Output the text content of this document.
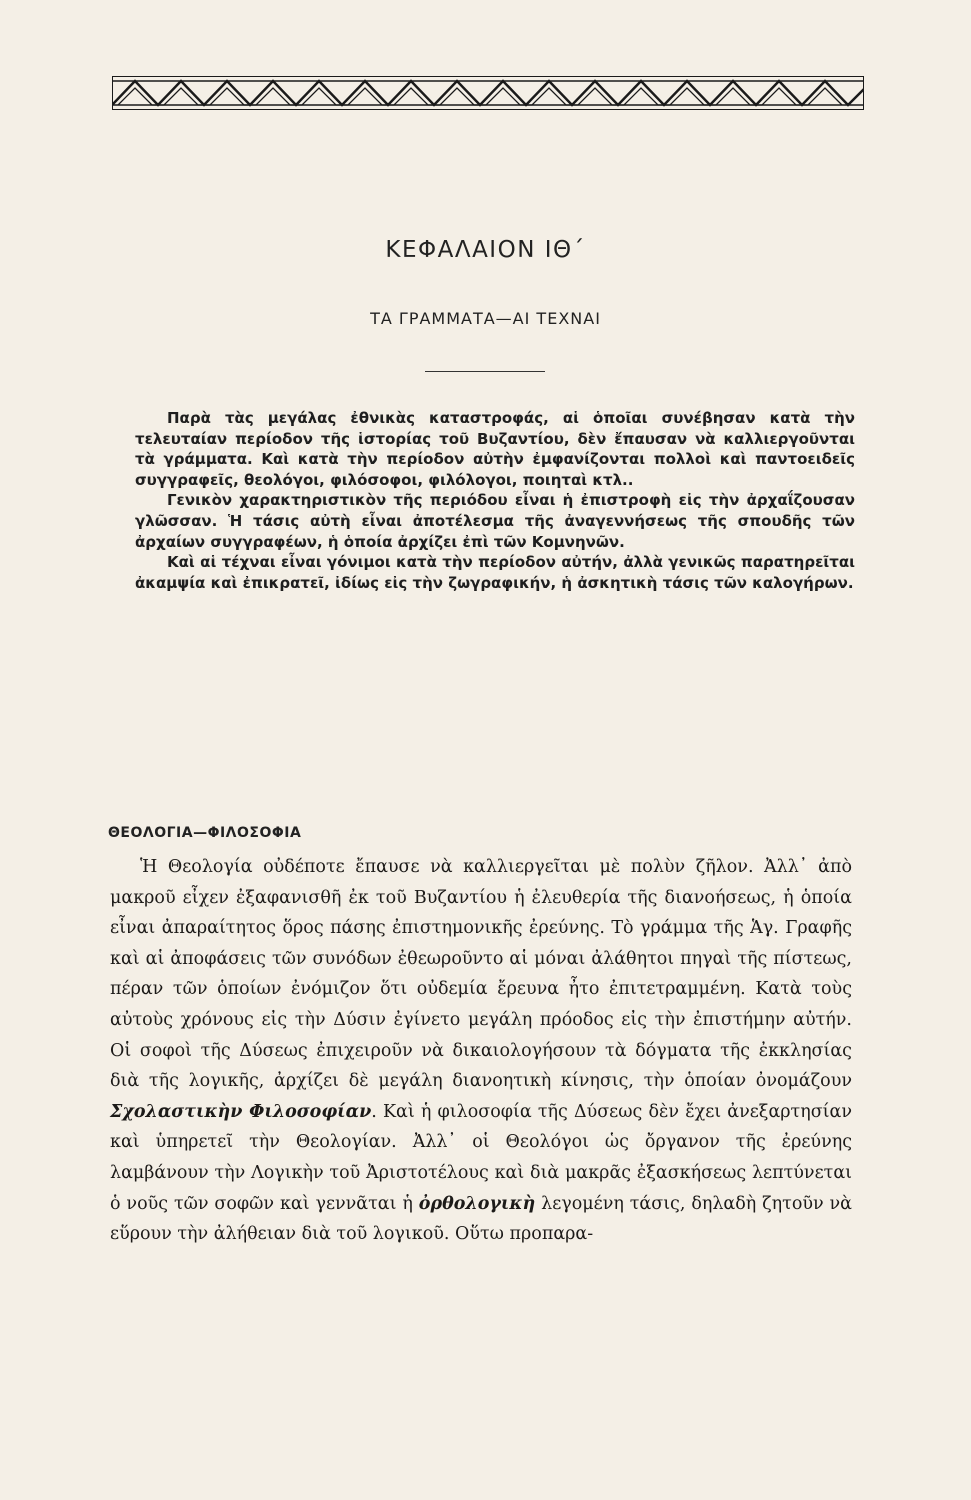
ΚΕΦΑΛΑΙΟΝ ΙΘ΄
ΤΑ ΓΡΑΜΜΑΤΑ—ΑΙ ΤΕΧΝΑΙ

Παρὰ τὰς μεγάλας ἐθνικὰς καταστροφάς, αἱ ὁποῖαι συνέβησαν κατὰ τὴν τελευταίαν περίοδον τῆς ἱστορίας τοῦ Βυζαντίου, δὲν ἔπαυσαν νὰ καλλιεργοῦνται τὰ γράμματα. Καὶ κατὰ τὴν περίοδον αὐτὴν ἐμφανίζονται πολλοὶ καὶ παντοειδεῖς συγγραφεῖς, θεολόγοι, φιλόσοφοι, φιλόλογοι, ποιηταὶ κτλ..

Γενικὸν χαρακτηριστικὸν τῆς περιόδου εἶναι ἡ ἐπιστροφὴ εἰς τὴν ἀρχαΐζουσαν γλῶσσαν. Ἡ τάσις αὐτὴ εἶναι ἀποτέλεσμα τῆς ἀναγεννήσεως τῆς σπουδῆς τῶν ἀρχαίων συγγραφέων, ἡ ὁποία ἀρχίζει ἐπὶ τῶν Κομνηνῶν.

Καὶ αἱ τέχναι εἶναι γόνιμοι κατὰ τὴν περίοδον αὐτήν, ἀλλὰ γενικῶς παρατηρεῖται ἀκαμψία καὶ ἐπικρατεῖ, ἰδίως εἰς τὴν ζωγραφικήν, ἡ ἀσκητικὴ τάσις τῶν καλογήρων.

ΘΕΟΛΟΓΙΑ—ΦΙΛΟΣΟΦΙΑ

Ἡ Θεολογία οὐδέποτε ἔπαυσε νὰ καλλιεργεῖται μὲ πολὺν ζῆλον. Ἀλλ᾽ ἀπὸ μακροῦ εἶχεν ἐξαφανισθῆ ἐκ τοῦ Βυζαντίου ἡ ἐλευθερία τῆς διανοήσεως, ἡ ὁποία εἶναι ἀπαραίτητος ὅρος πάσης ἐπιστημονικῆς ἐρεύνης. Τὸ γράμμα τῆς Ἁγ. Γραφῆς καὶ αἱ ἀποφάσεις τῶν συνόδων ἐθεωροῦντο αἱ μόναι ἀλάθητοι πηγαὶ τῆς πίστεως, πέραν τῶν ὁποίων ἐνόμιζον ὅτι οὐδεμία ἔρευνα ἦτο ἐπιτετραμμένη. Κατὰ τοὺς αὐτοὺς χρόνους εἰς τὴν Δύσιν ἐγίνετο μεγάλη πρόοδος εἰς τὴν ἐπιστήμην αὐτήν. Οἱ σοφοὶ τῆς Δύσεως ἐπιχειροῦν νὰ δικαιολογήσουν τὰ δόγματα τῆς ἐκκλησίας διὰ τῆς λογικῆς, ἀρχίζει δὲ μεγάλη διανοητικὴ κίνησις, τὴν ὁποίαν ὀνομάζουν Σχολαστικὴν Φιλοσοφίαν. Καὶ ἡ φιλοσοφία τῆς Δύσεως δὲν ἔχει ἀνεξαρτησίαν καὶ ὑπηρετεῖ τὴν Θεολογίαν. Ἀλλ᾽ οἱ Θεολόγοι ὡς ὄργανον τῆς ἐρεύνης λαμβάνουν τὴν Λογικὴν τοῦ Ἀριστοτέλους καὶ διὰ μακρᾶς ἐξασκήσεως λεπτύνεται ὁ νοῦς τῶν σοφῶν καὶ γεννᾶται ἡ ὀρθολογικὴ λεγομένη τάσις, δηλαδὴ ζητοῦν νὰ εὕρουν τὴν ἀλήθειαν διὰ τοῦ λογικοῦ. Οὕτω προπαρα-
